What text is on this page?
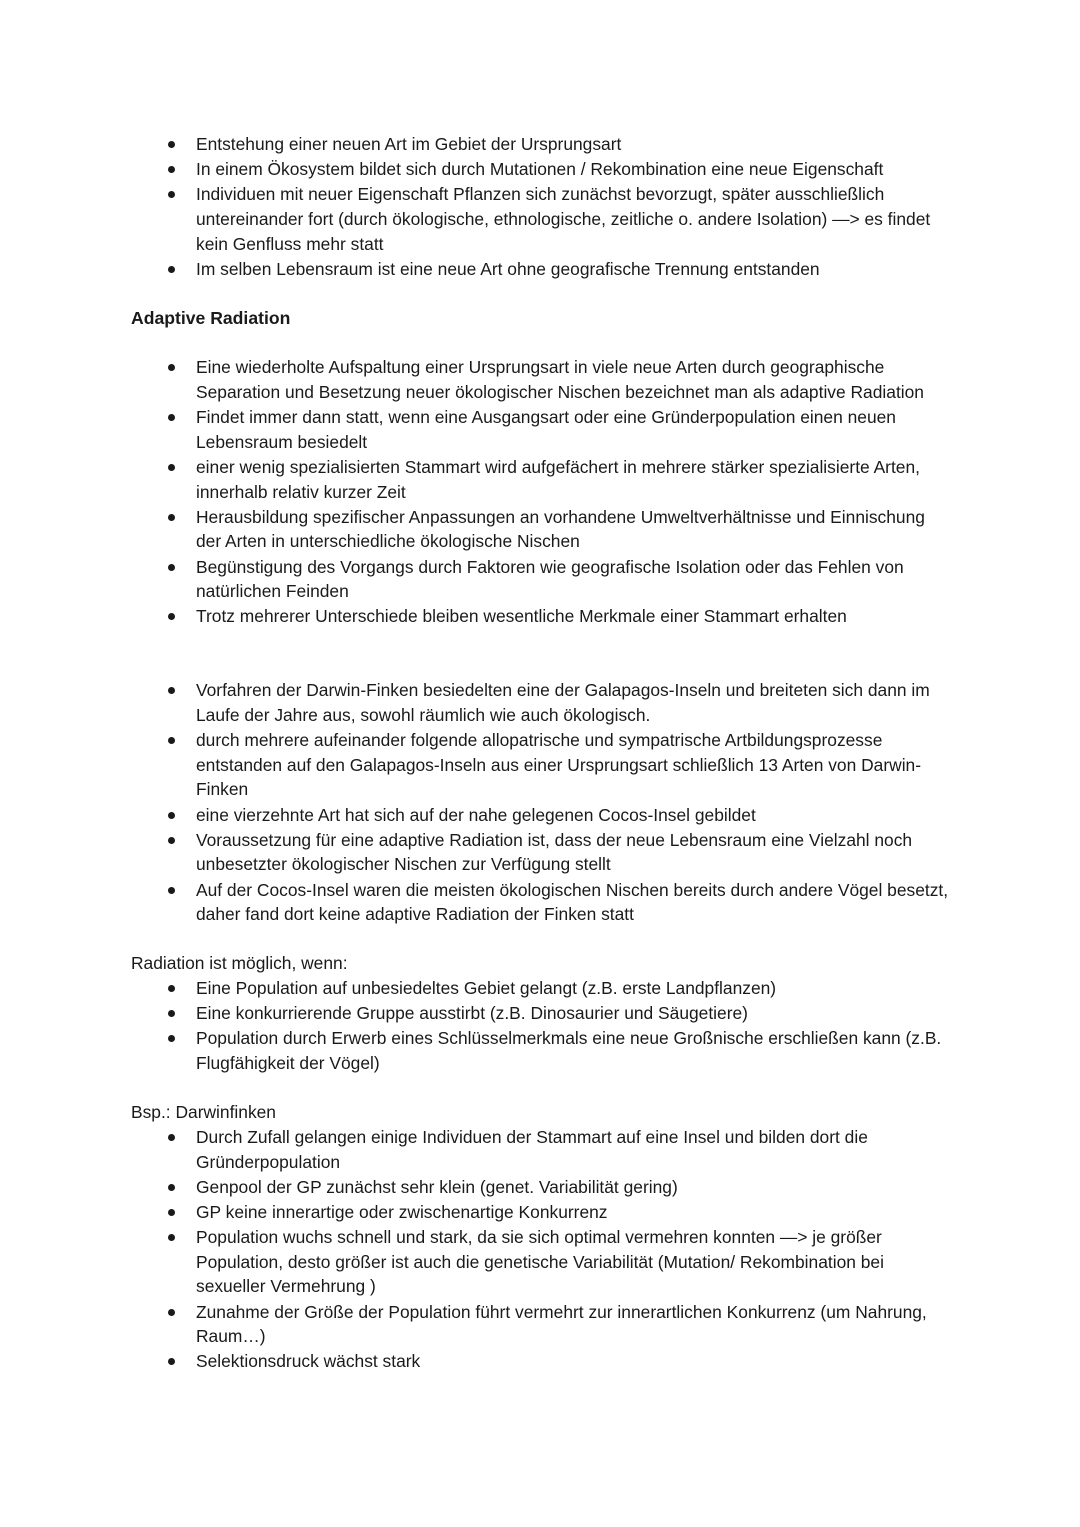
Entstehung einer neuen Art im Gebiet der Ursprungsart
In einem Ökosystem bildet sich durch Mutationen / Rekombination eine neue Eigenschaft
Individuen mit neuer Eigenschaft Pflanzen sich zunächst bevorzugt, später ausschließlich untereinander fort (durch ökologische, ethnologische, zeitliche o. andere Isolation) —> es findet kein Genfluss mehr statt
Im selben Lebensraum ist eine neue Art ohne geografische Trennung entstanden
Adaptive Radiation
Eine wiederholte Aufspaltung einer Ursprungsart in viele neue Arten durch geographische Separation und Besetzung neuer ökologischer Nischen bezeichnet man als adaptive Radiation
Findet immer dann statt, wenn eine Ausgangsart oder eine Gründerpopulation einen neuen Lebensraum besiedelt
einer wenig spezialisierten Stammart wird aufgefächert in mehrere stärker spezialisierte Arten, innerhalb relativ kurzer Zeit
Herausbildung spezifischer Anpassungen an vorhandene Umweltverhältnisse und Einnischung der Arten in unterschiedliche ökologische Nischen
Begünstigung des Vorgangs durch Faktoren wie geografische Isolation oder das Fehlen von natürlichen Feinden
Trotz mehrerer Unterschiede bleiben wesentliche Merkmale einer Stammart erhalten
Vorfahren der Darwin-Finken besiedelten eine der Galapagos-Inseln und breiteten sich dann im Laufe der Jahre aus, sowohl räumlich wie auch ökologisch.
durch mehrere aufeinander folgende allopatrische und sympatrische Artbildungsprozesse entstanden auf den Galapagos-Inseln aus einer Ursprungsart schließlich 13 Arten von Darwin-Finken
eine vierzehnte Art hat sich auf der nahe gelegenen Cocos-Insel gebildet
Voraussetzung für eine adaptive Radiation ist, dass der neue Lebensraum eine Vielzahl noch unbesetzter ökologischer Nischen zur Verfügung stellt
Auf der Cocos-Insel waren die meisten ökologischen Nischen bereits durch andere Vögel besetzt, daher fand dort keine adaptive Radiation der Finken statt

Radiation ist möglich, wenn:

Eine Population auf unbesiedeltes Gebiet gelangt (z.B. erste Landpflanzen)
Eine konkurrierende Gruppe ausstirbt (z.B. Dinosaurier und Säugetiere)
Population durch Erwerb eines Schlüsselmerkmals eine neue Großnische erschließen kann (z.B. Flugfähigkeit der Vögel)

Bsp.: Darwinfinken

Durch Zufall gelangen einige Individuen der Stammart auf eine Insel und bilden dort die Gründerpopulation
Genpool der GP zunächst sehr klein (genet. Variabilität gering)
GP keine innerartige oder zwischenartige Konkurrenz
Population wuchs schnell und stark, da sie sich optimal vermehren konnten —> je größer Population, desto größer ist auch die genetische Variabilität (Mutation/ Rekombination bei sexueller Vermehrung )
Zunahme der Größe der Population führt vermehrt zur innerartlichen Konkurrenz (um Nahrung, Raum…)
Selektionsdruck wächst stark
